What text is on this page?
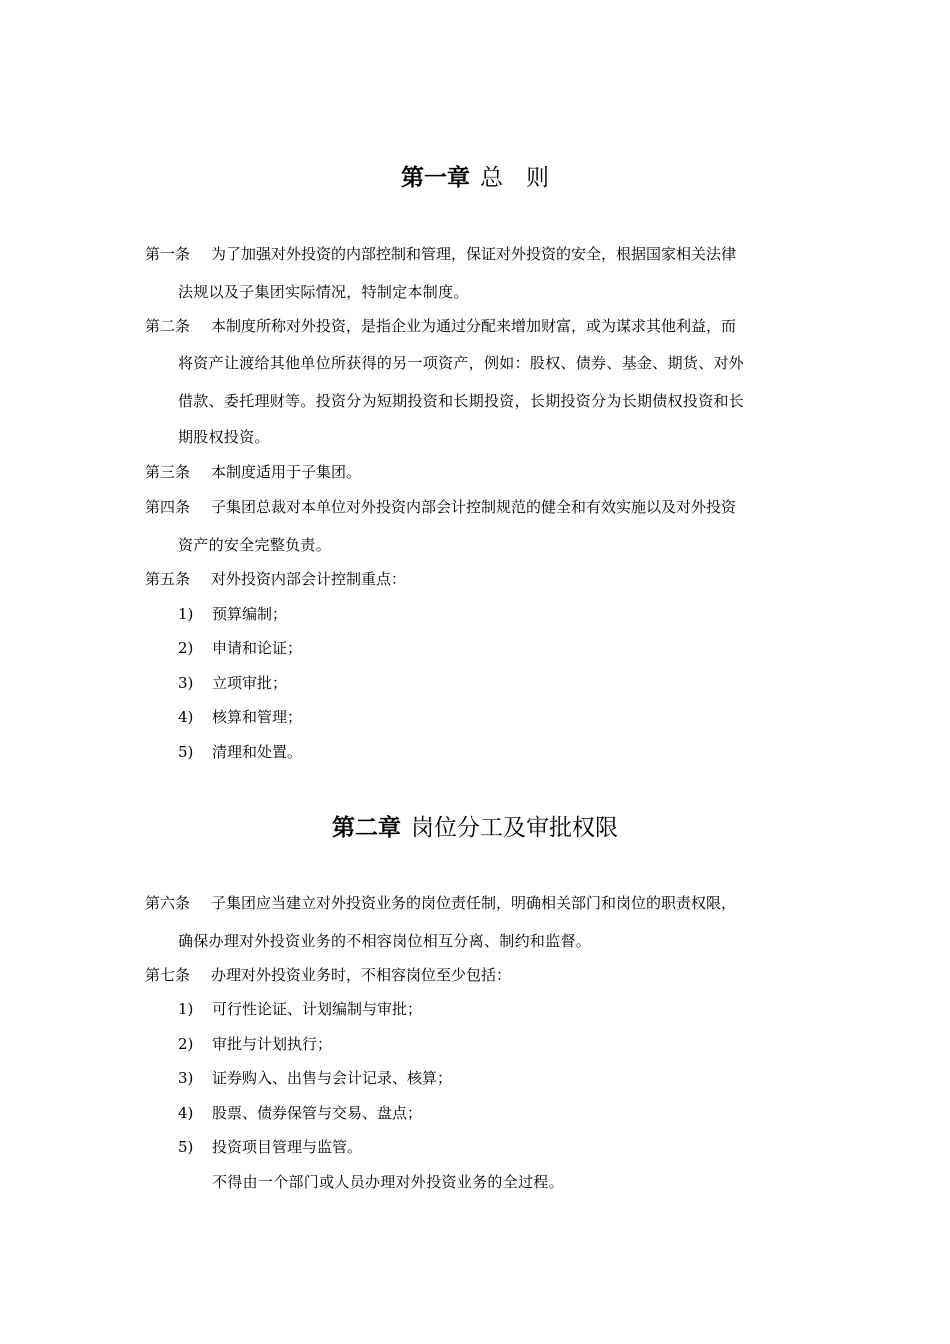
第一章 总　则
第一条 为了加强对外投资的内部控制和管理，保证对外投资的安全，根据国家相关法律
法规以及子集团实际情况，特制定本制度。
第二条 本制度所称对外投资，是指企业为通过分配来增加财富，或为谋求其他利益，而
将资产让渡给其他单位所获得的另一项资产，例如：股权、债券、基金、期货、对外
借款、委托理财等。投资分为短期投资和长期投资，长期投资分为长期债权投资和长
期股权投资。
第三条 本制度适用于子集团。
第四条 子集团总裁对本单位对外投资内部会计控制规范的健全和有效实施以及对外投资
资产的安全完整负责。
第五条 对外投资内部会计控制重点：
1) 预算编制；
2) 申请和论证；
3) 立项审批；
4) 核算和管理；
5) 清理和处置。
第二章 岗位分工及审批权限
第六条 子集团应当建立对外投资业务的岗位责任制，明确相关部门和岗位的职责权限，
确保办理对外投资业务的不相容岗位相互分离、制约和监督。
第七条 办理对外投资业务时，不相容岗位至少包括：
1) 可行性论证、计划编制与审批；
2) 审批与计划执行；
3) 证券购入、出售与会计记录、核算；
4) 股票、债券保管与交易、盘点；
5) 投资项目管理与监管。
不得由一个部门或人员办理对外投资业务的全过程。
